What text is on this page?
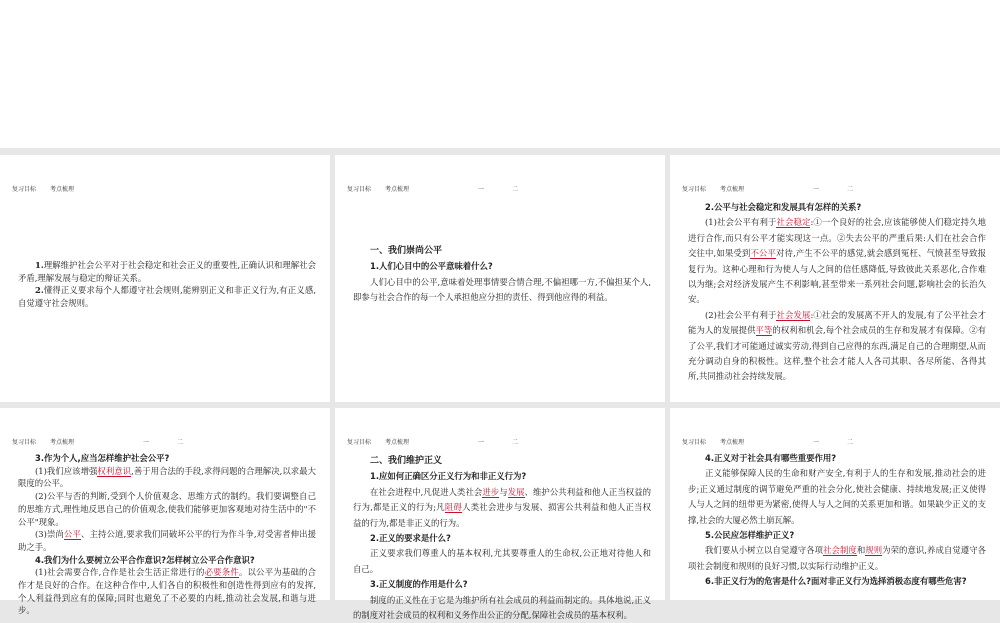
复习目标 考点梳理

1.理解维护社会公平对于社会稳定和社会正义的重要性,正确认识和理解社会矛盾,理解发展与稳定的辩证关系。

2.懂得正义要求每个人都遵守社会规则,能辨别正义和非正义行为,有正义感,自觉遵守社会规则。

复习目标 考点梳理	一	二

一、我们崇尚公平

1.人们心目中的公平意味着什么?

人们心目中的公平,意味着处理事情要合情合理,不偏袒哪一方,不偏担某个人,即参与社会合作的每一个人承担他应分担的责任、得到他应得的利益。

复习目标 考点梳理	一	二

2.公平与社会稳定和发展具有怎样的关系?

(1)社会公平有利于社会稳定:①一个良好的社会,应该能够使人们稳定持久地进行合作,而只有公平才能实现这一点。②失去公平的严重后果:人们在社会合作交往中,如果受到不公平对待,产生不公平的感觉,就会感到冤枉、气愤甚至导致报复行为。这种心理和行为使人与人之间的信任感降低,导致彼此关系恶化,合作难以为继;会对经济发展产生不利影响,甚至带来一系列社会问题,影响社会的长治久安。

(2)社会公平有利于社会发展:①社会的发展离不开人的发展,有了公平社会才能为人的发展提供平等的权利和机会,每个社会成员的生存和发展才有保障。②有了公平,我们才可能通过诚实劳动,得到自己应得的东西,满足自己的合理期望,从而充分调动自身的积极性。这样,整个社会才能人人各司其职、各尽所能、各得其所,共同推动社会持续发展。

复习目标 考点梳理	一	二

3.作为个人,应当怎样维护社会公平?

(1)我们应该增强权利意识,善于用合法的手段,求得问题的合理解决,以求最大限度的公平。

(2)公平与否的判断,受到个人价值观念、思维方式的制约。我们要调整自己的思维方式,理性地反思自己的价值观念,使我们能够更加客观地对待生活中的"不公平"现象。

(3)崇尚公平、主持公道,要求我们同破坏公平的行为作斗争,对受害者伸出援助之手。

4.我们为什么要树立公平合作意识?怎样树立公平合作意识?

(1)社会需要合作,合作是社会生活正常进行的必要条件。以公平为基础的合作才是良好的合作。在这种合作中,人们各自的积极性和创造性得到应有的发挥,个人利益得到应有的保障;同时也避免了不必要的内耗,推动社会发展,和谐与进步。

复习目标 考点梳理	一	二

二、我们维护正义

1.应如何正确区分正义行为和非正义行为?

在社会进程中,凡促进人类社会进步与发展、维护公共利益和他人正当权益的行为,都是正义的行为;凡阻碍人类社会进步与发展、损害公共利益和他人正当权益的行为,都是非正义的行为。

2.正义的要求是什么?

正义要求我们尊重人的基本权利,尤其要尊重人的生命权,公正地对待他人和自己。

3.正义制度的作用是什么?

制度的正义性在于它是为维护所有社会成员的利益而制定的。具体地说,正义的制度对社会成员的权利和义务作出公正的分配,保障社会成员的基本权利。

复习目标 考点梳理	一	二

4.正义对于社会具有哪些重要作用?

正义能够保障人民的生命和财产安全,有利于人的生存和发展,推动社会的进步;正义通过制度的调节避免严重的社会分化,使社会健康、持续地发展;正义使得人与人之间的纽带更为紧密,使得人与人之间的关系更加和谐。如果缺少正义的支撑,社会的大厦必然土崩瓦解。

5.公民应怎样维护正义?

我们要从小树立以自觉遵守各项社会制度和规则为荣的意识,养成自觉遵守各项社会制度和规则的良好习惯,以实际行动维护正义。

6.非正义行为的危害是什么?面对非正义行为选择消极态度有哪些危害?
